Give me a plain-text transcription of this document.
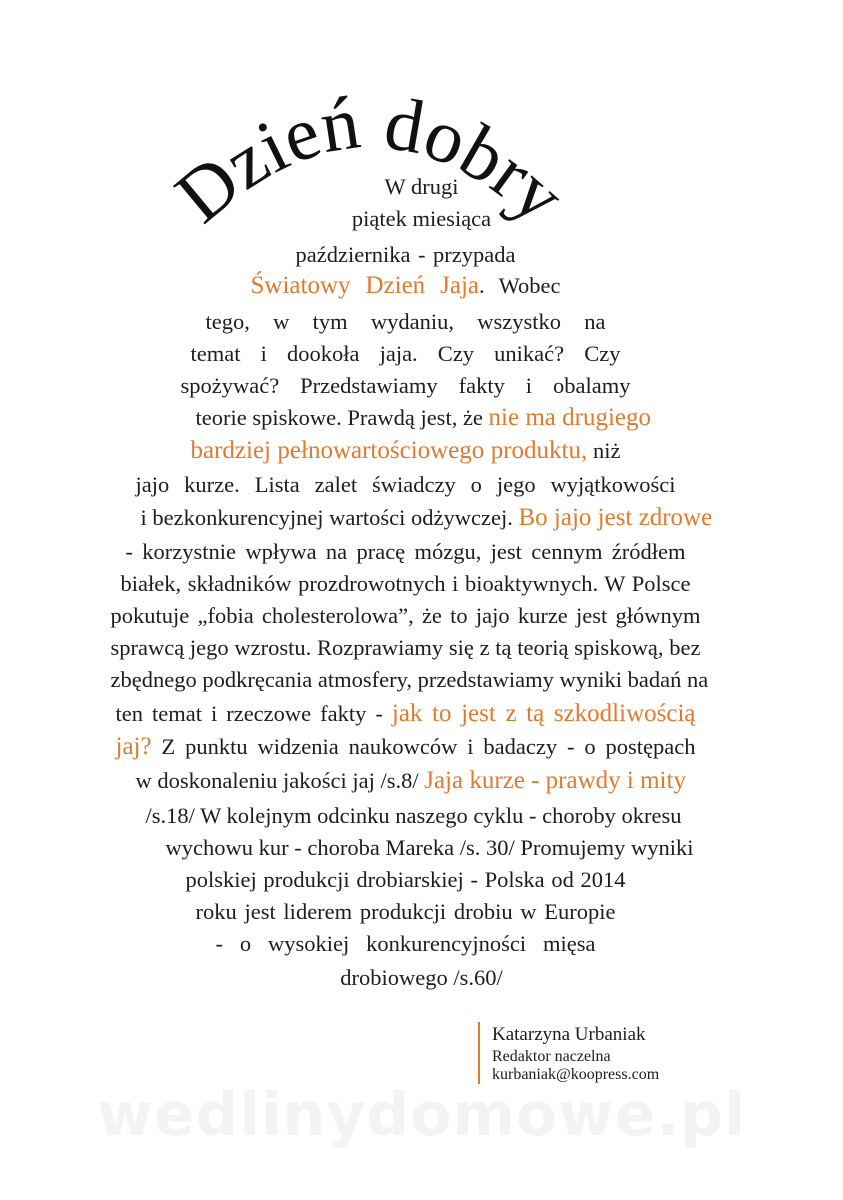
Dzień dobry
W drugi
piątek miesiąca
października - przypada
Światowy Dzień Jaja. Wobec
tego, w tym wydaniu, wszystko na
temat i dookoła jaja. Czy unikać? Czy
spożywać? Przedstawiamy fakty i obalamy
teorie spiskowe. Prawdą jest, że nie ma drugiego
bardziej pełnowartościowego produktu, niż
jajo kurze. Lista zalet świadczy o jego wyjątkowości
i bezkonkurencyjnej wartości odżywczej. Bo jajo jest zdrowe
- korzystnie wpływa na pracę mózgu, jest cennym źródłem
białek, składników prozdrowotnych i bioaktywnych. W Polsce
pokutuje „fobia cholesterolowa”, że to jajo kurze jest głównym
sprawcą jego wzrostu. Rozprawiamy się z tą teorią spiskową, bez
zbędnego podkręcania atmosfery, przedstawiamy wyniki badań na
ten temat i rzeczowe fakty - jak to jest z tą szkodliwością
jaj? Z punktu widzenia naukowców i badaczy - o postępach
w doskonaleniu jakości jaj /s.8/ Jaja kurze - prawdy i mity
/s.18/ W kolejnym odcinku naszego cyklu - choroby okresu
wychowu kur - choroba Mareka /s. 30/ Promujemy wyniki
polskiej produkcji drobiarskiej - Polska od 2014
roku jest liderem produkcji drobiu w Europie
- o wysokiej konkurencyjności mięsa
drobiowego /s.60/
Katarzyna Urbaniak
Redaktor naczelna
kurbaniak@koopress.com
wedlinydomowe.pl
